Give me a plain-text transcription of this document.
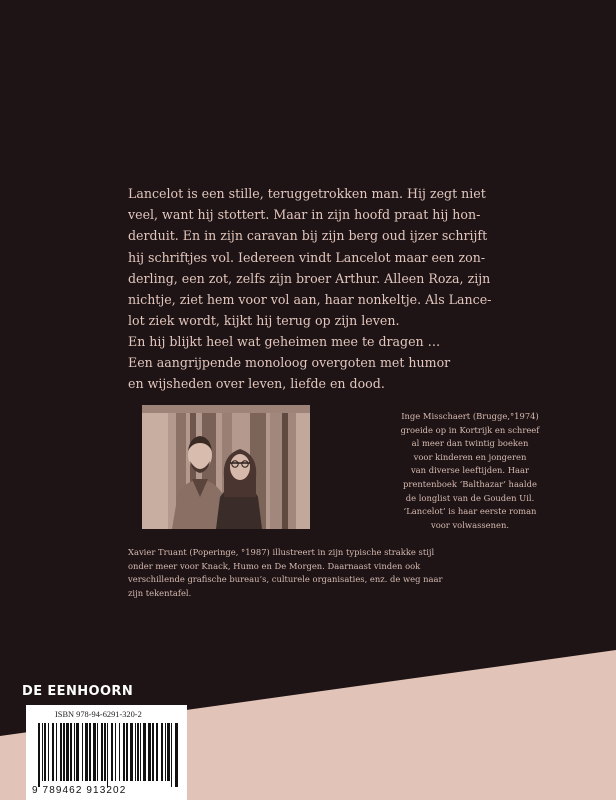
Lancelot is een stille, teruggetrokken man. Hij zegt niet
veel, want hij stottert. Maar in zijn hoofd praat hij hon-
derduit. En in zijn caravan bij zijn berg oud ijzer schrijft
hij schriftjes vol. Iedereen vindt Lancelot maar een zon-
derling, een zot, zelfs zijn broer Arthur. Alleen Roza, zijn
nichtje, ziet hem voor vol aan, haar nonkeltje. Als Lance-
lot ziek wordt, kijkt hij terug op zijn leven.
En hij blijkt heel wat geheimen mee te dragen …

Een aangrijpende monoloog overgoten met humor
en wijsheden over leven, liefde en dood.

Inge Misschaert (Brugge,°1974)
groeide op in Kortrijk en schreef
al meer dan twintig boeken
voor kinderen en jongeren
van diverse leeftijden. Haar
prentenboek ‘Balthazar’ haalde
de longlist van de Gouden Uil.
‘Lancelot’ is haar eerste roman
voor volwassenen.

Xavier Truant (Poperinge, °1987) illustreert in zijn typische strakke stijl
onder meer voor Knack, Humo en De Morgen. Daarnaast vinden ook
verschillende grafische bureau’s, culturele organisaties, enz. de weg naar
zijn tekentafel.

DE EENHOORN

ISBN 978-94-6291-320-2

9 789462 913202
